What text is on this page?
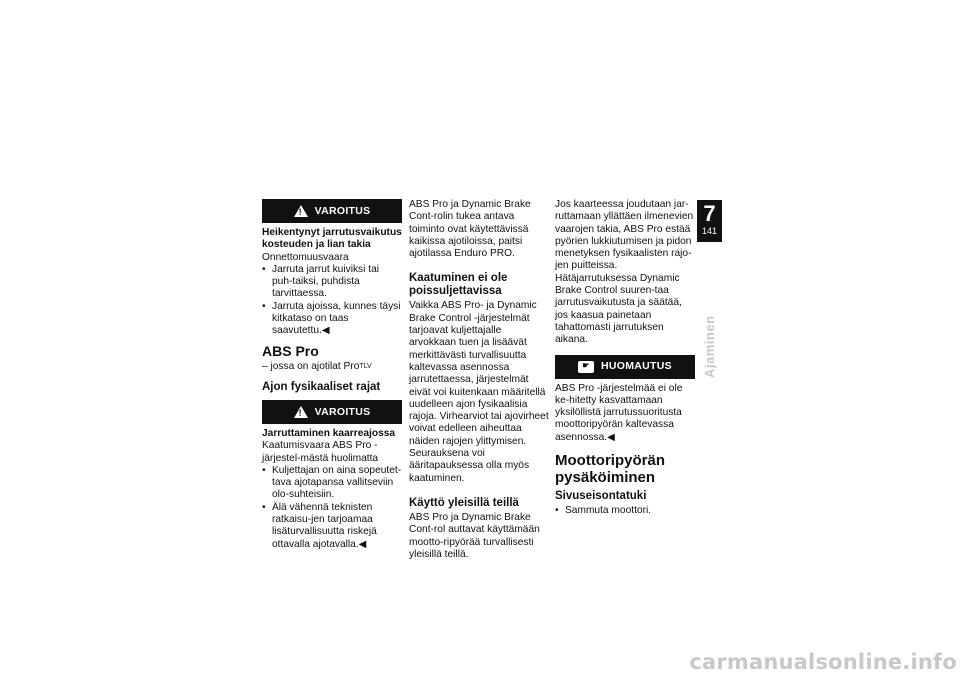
!
VAROITUS

Heikentynyt jarrutusvaikutus kosteuden ja lian takia

Onnettomuusvaara

• Jarruta jarrut kuiviksi tai puh-taiksi, puhdista tarvittaessa.
• Jarruta ajoissa, kunnes täysi kitkataso on taas saavutettu.◀
ABS Pro

– jossa on ajotilat Pro$^{TLV}$

Ajon fysikaaliset rajat
!
VAROITUS

Jarruttaminen kaarreajossa

Kaatumisvaara ABS Pro -järjestel-mästä huolimatta

• Kuljettajan on aina sopeutet-tava ajotapansa vallitseviin olo-suhteisiin.
• Älä vähennä teknisten ratkaisu-jen tarjoamaa lisäturvallisuutta riskejä ottavalla ajotavalla.◀

ABS Pro ja Dynamic Brake Cont-rolin tukea antava toiminto ovat käytettävissä kaikissa ajotiloissa, paitsi ajotilassa Enduro PRO.

Kaatuminen ei ole poissuljettavissa

Vaikka ABS Pro- ja Dynamic Brake Control -järjestelmät tarjoavat kuljettajalle arvokkaan tuen ja lisäävät merkittävästi turvallisuutta kaltevassa asennossa jarrutettaessa, järjestelmät eivät voi kuitenkaan määritellä uudelleen ajon fysikaalisia rajoja. Virhearviot tai ajovirheet voivat edelleen aiheuttaa näiden rajojen ylittymisen. Seurauksena voi ääritapauksessa olla myös kaatuminen.

Käyttö yleisillä teillä

ABS Pro ja Dynamic Brake Cont-rol auttavat käyttämään mootto-ripyörää turvallisesti yleisillä teillä.

Jos kaarteessa joudutaan jar-ruttamaan yllättäen ilmenevien vaarojen takia, ABS Pro estää pyörien lukkiutumisen ja pidon menetyksen fysikaalisten rajo-jen puitteissa. Hätäjarrutuksessa Dynamic Brake Control suuren-taa jarrutusvaikutusta ja säätää, jos kaasua painetaan tahattomasti jarrutuksen aikana.

☛	HUOMAUTUS

ABS Pro -järjestelmää ei ole ke-hitetty kasvattamaan yksilöllistä jarrutussuoritusta moottoripyörän kaltevassa asennossa.◀

Moottoripyörän pysäköiminen
Sivuseisontatuki
• Sammuta moottori.
7
141
Ajaminen
carmanualsonline.info
